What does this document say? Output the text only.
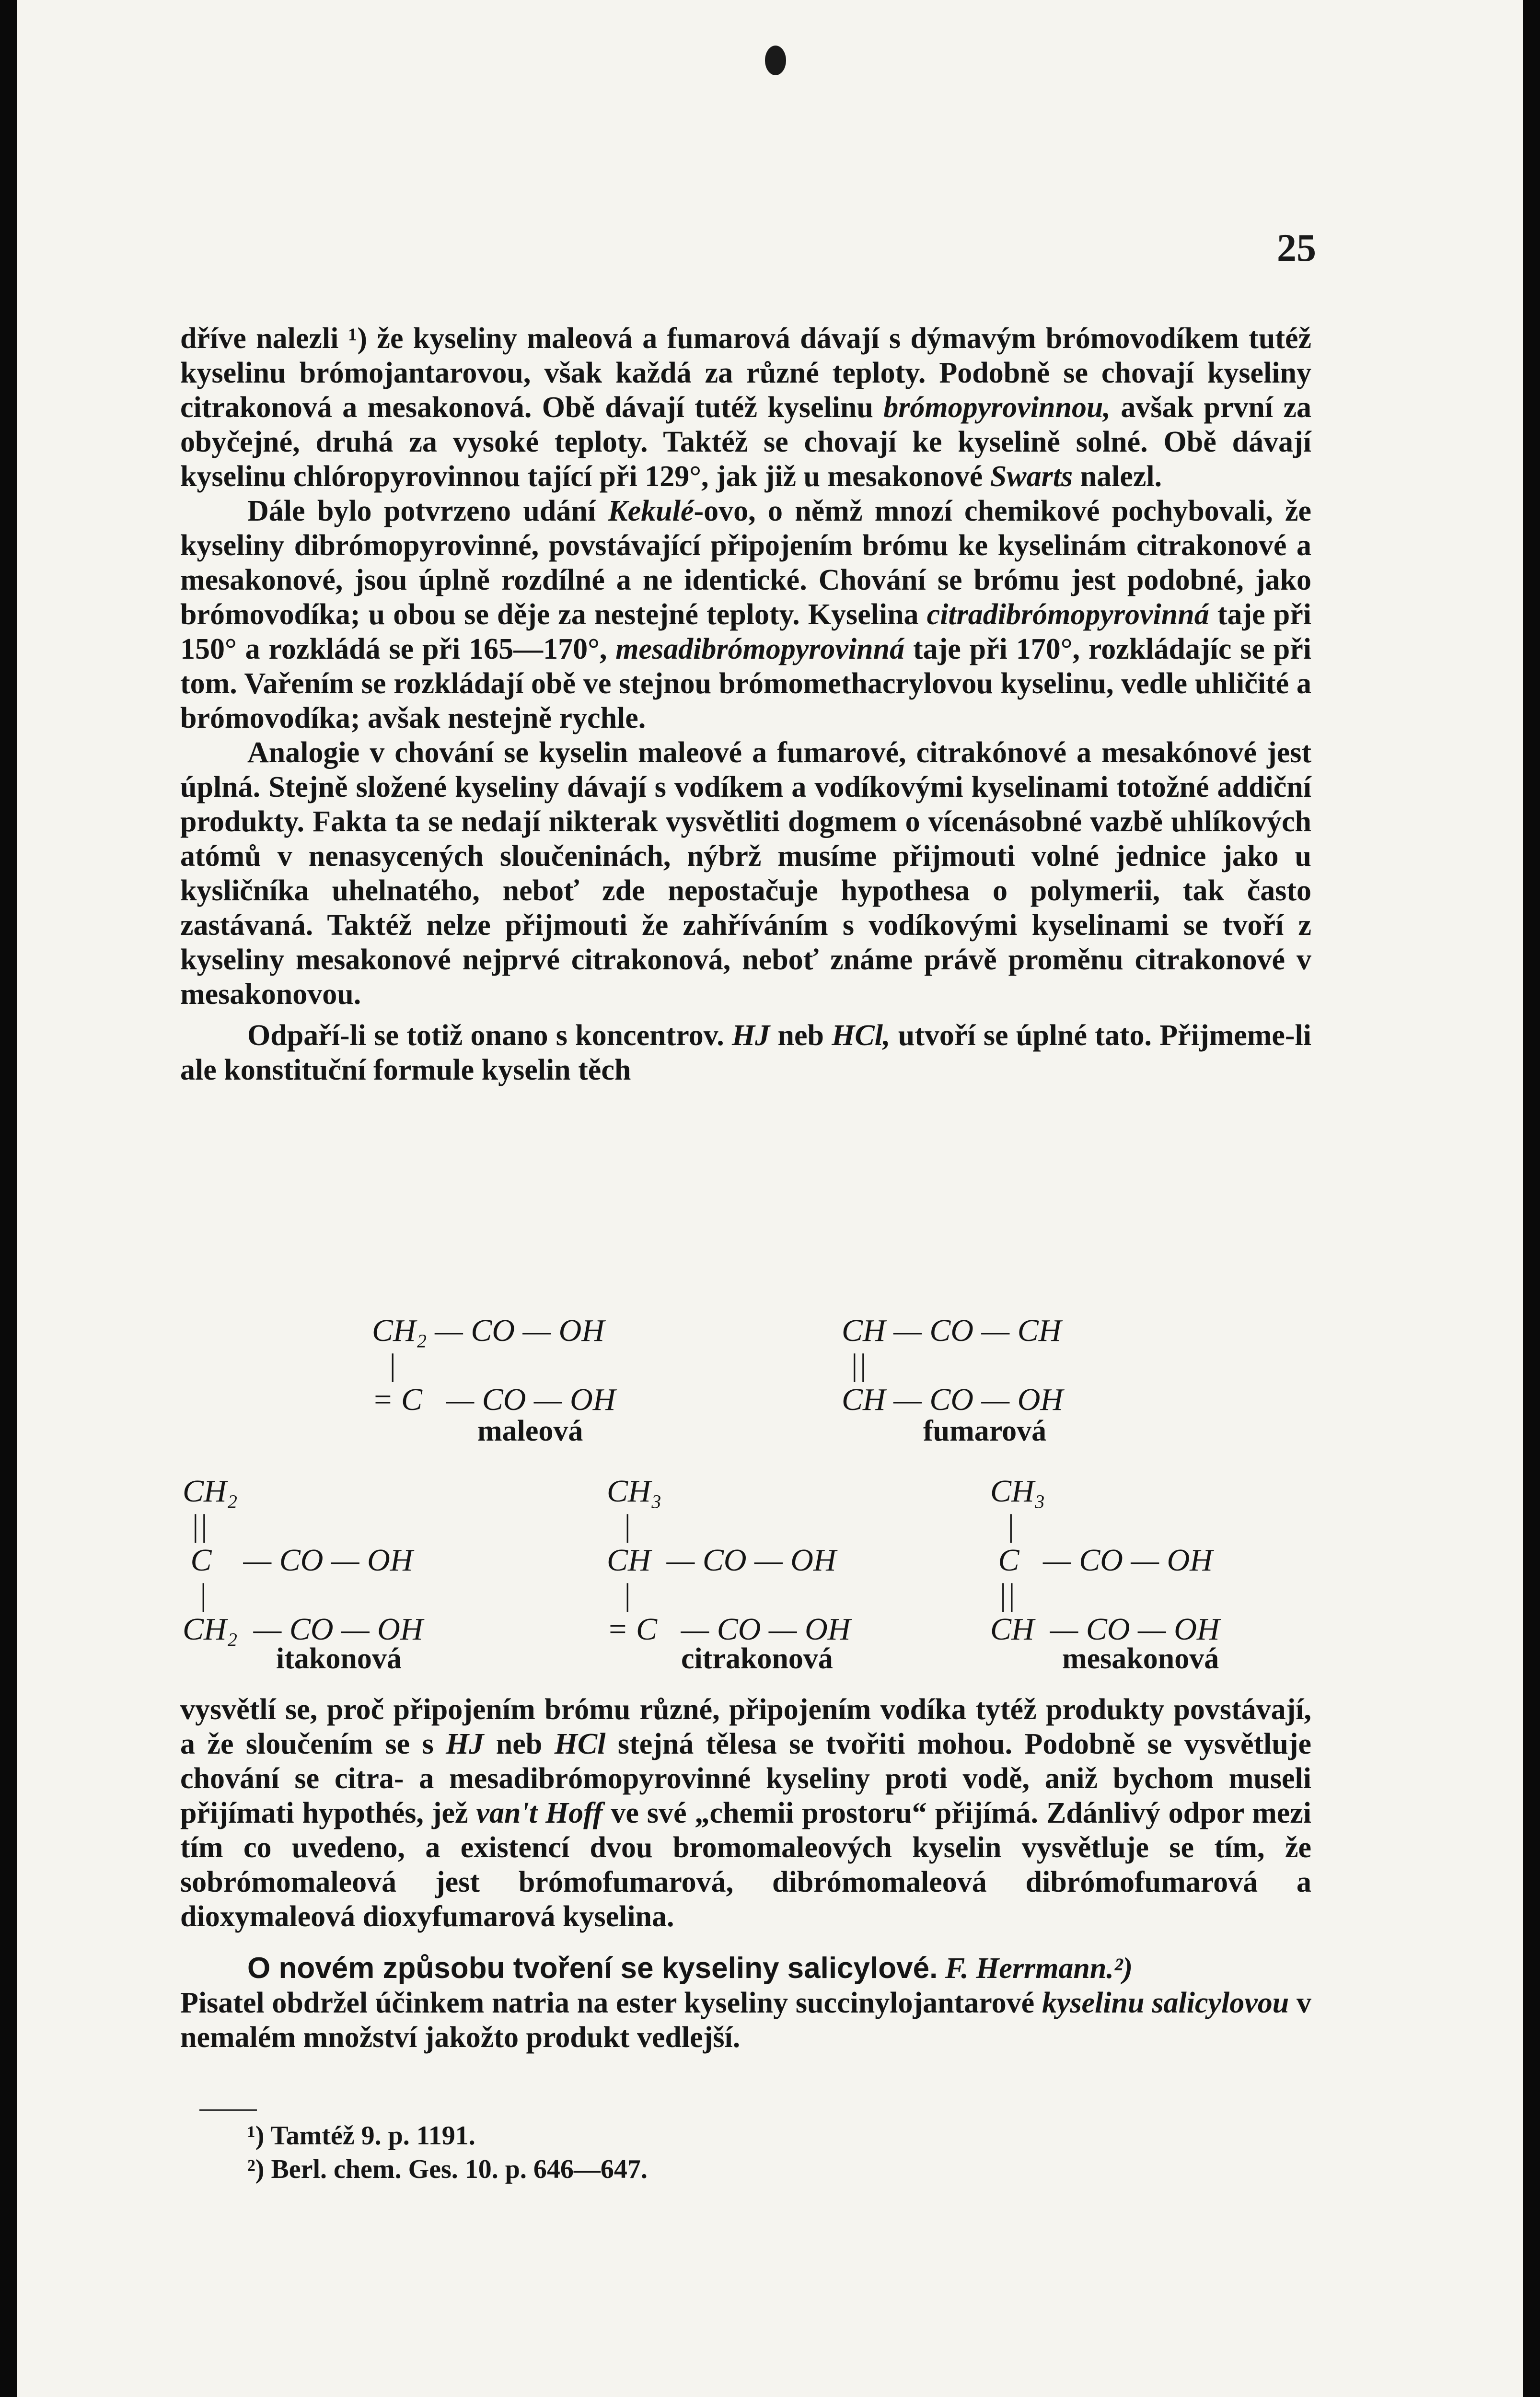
25

dříve nalezli ¹) že kyseliny maleová a fumarová dávají s dýmavým brómovodíkem tutéž kyselinu brómojantarovou, však každá za různé teploty. Podobně se chovají kyseliny citrakonová a mesakonová. Obě dávají tutéž kyselinu brómopyrovinnou, avšak první za obyčejné, druhá za vysoké teploty. Taktéž se chovají ke kyselině solné. Obě dávají kyselinu chlóropyrovinnou tající při 129°, jak již u mesakonové Swarts nalezl.

Dále bylo potvrzeno udání Kekulé-ovo, o němž mnozí chemikové pochybovali, že kyseliny dibrómopyrovinné, povstávající připojením brómu ke kyselinám citrakonové a mesakonové, jsou úplně rozdílné a ne identické. Chování se brómu jest podobné, jako brómovodíka; u obou se děje za nestejné teploty. Kyselina citradibrómopyrovinná taje při 150° a rozkládá se při 165—170°, mesadibrómopyrovinná taje při 170°, rozkládajíc se při tom. Vařením se rozkládají obě ve stejnou brómomethacrylovou kyselinu, vedle uhličité a brómovodíka; avšak nestejně rychle.

Analogie v chování se kyselin maleové a fumarové, citrakónové a mesakónové jest úplná. Stejně složené kyseliny dávají s vodíkem a vodíkovými kyselinami totožné addiční produkty. Fakta ta se nedají nikterak vysvětliti dogmem o vícenásobné vazbě uhlíkových atómů v nenasycených sloučeninách, nýbrž musíme přijmouti volné jednice jako u kysličníka uhelnatého, neboť zde nepostačuje hypothesa o polymerii, tak často zastávaná. Taktéž nelze přijmouti že zahříváním s vodíkovými kyselinami se tvoří z kyseliny mesakonové nejprvé citrakonová, neboť známe právě proměnu citrakonové v mesakonovou.

Odpaří-li se totiž onano s koncentrov. HJ neb HCl, utvoří se úplné tato. Přijmeme-li ale konstituční formule kyselin těch

CH₂ — CO — OH
|
= C   — CO — OH
maleová
CH — CO — CH
||
CH — CO — OH
fumarová
CH₂
||
C    — CO — OH
|
CH₂  — CO — OH
itakonová
CH₃
|
CH  — CO — OH
|
= C   — CO — OH
citrakonová
CH₃
|
C   — CO — OH
||
CH  — CO — OH
mesakonová

vysvětlí se, proč připojením brómu různé, připojením vodíka tytéž produkty povstávají, a že sloučením se s HJ neb HCl stejná tělesa se tvořiti mohou. Podobně se vysvětluje chování se citra- a mesadibrómopyrovinné kyseliny proti vodě, aniž bychom museli přijímati hypothés, jež van't Hoff ve své „chemii prostoru“ přijímá. Zdánlivý odpor mezi tím co uvedeno, a existencí dvou bromomaleových kyselin vysvětluje se tím, že sobrómomaleová jest brómofumarová, dibrómomaleová dibrómofumarová a dioxymaleová dioxyfumarová kyselina.

O novém způsobu tvoření se kyseliny salicylové. F. Herrmann.²)

Pisatel obdržel účinkem natria na ester kyseliny succinylojantarové kyselinu salicylovou v nemalém množství jakožto produkt vedlejší.

¹) Tamtéž 9. p. 1191.
²) Berl. chem. Ges. 10. p. 646—647.
